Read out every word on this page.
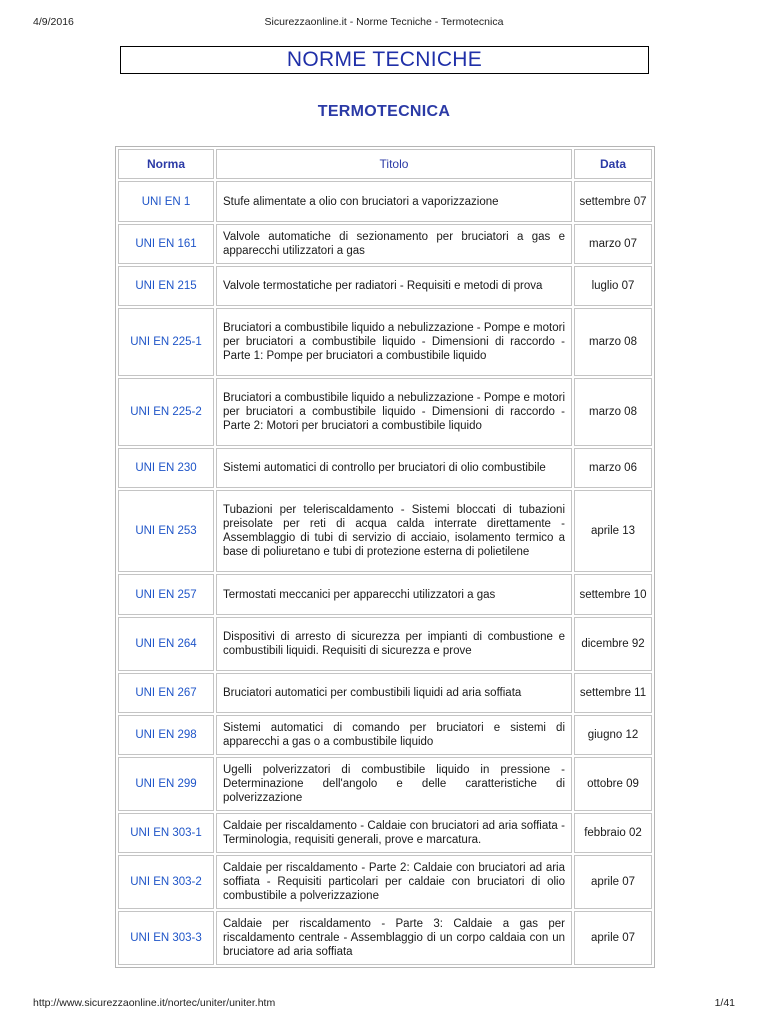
4/9/2016	Sicurezzaonline.it - Norme Tecniche - Termotecnica
NORME TECNICHE
TERMOTECNICA
Norma	Titolo	Data
UNI EN 1	Stufe alimentate a olio con bruciatori a vaporizzazione	settembre 07
UNI EN 161	Valvole automatiche di sezionamento per bruciatori a gas e apparecchi utilizzatori a gas	marzo 07
UNI EN 215	Valvole termostatiche per radiatori - Requisiti e metodi di prova	luglio 07
UNI EN 225-1	Bruciatori a combustibile liquido a nebulizzazione - Pompe e motori per bruciatori a combustibile liquido - Dimensioni di raccordo - Parte 1: Pompe per bruciatori a combustibile liquido	marzo 08
UNI EN 225-2	Bruciatori a combustibile liquido a nebulizzazione - Pompe e motori per bruciatori a combustibile liquido - Dimensioni di raccordo - Parte 2: Motori per bruciatori a combustibile liquido	marzo 08
UNI EN 230	Sistemi automatici di controllo per bruciatori di olio combustibile	marzo 06
UNI EN 253	Tubazioni per teleriscaldamento - Sistemi bloccati di tubazioni preisolate per reti di acqua calda interrate direttamente - Assemblaggio di tubi di servizio di acciaio, isolamento termico a base di poliuretano e tubi di protezione esterna di polietilene	aprile 13
UNI EN 257	Termostati meccanici per apparecchi utilizzatori a gas	settembre 10
UNI EN 264	Dispositivi di arresto di sicurezza per impianti di combustione e combustibili liquidi. Requisiti di sicurezza e prove	dicembre 92
UNI EN 267	Bruciatori automatici per combustibili liquidi ad aria soffiata	settembre 11
UNI EN 298	Sistemi automatici di comando per bruciatori e sistemi di apparecchi a gas o a combustibile liquido	giugno 12
UNI EN 299	Ugelli polverizzatori di combustibile liquido in pressione - Determinazione dell'angolo e delle caratteristiche di polverizzazione	ottobre 09
UNI EN 303-1	Caldaie per riscaldamento - Caldaie con bruciatori ad aria soffiata - Terminologia, requisiti generali, prove e marcatura.	febbraio 02
UNI EN 303-2	Caldaie per riscaldamento - Parte 2: Caldaie con bruciatori ad aria soffiata - Requisiti particolari per caldaie con bruciatori di olio combustibile a polverizzazione	aprile 07
UNI EN 303-3	Caldaie per riscaldamento - Parte 3: Caldaie a gas per riscaldamento centrale - Assemblaggio di un corpo caldaia con un bruciatore ad aria soffiata	aprile 07
http://www.sicurezzaonline.it/nortec/uniter/uniter.htm	1/41
